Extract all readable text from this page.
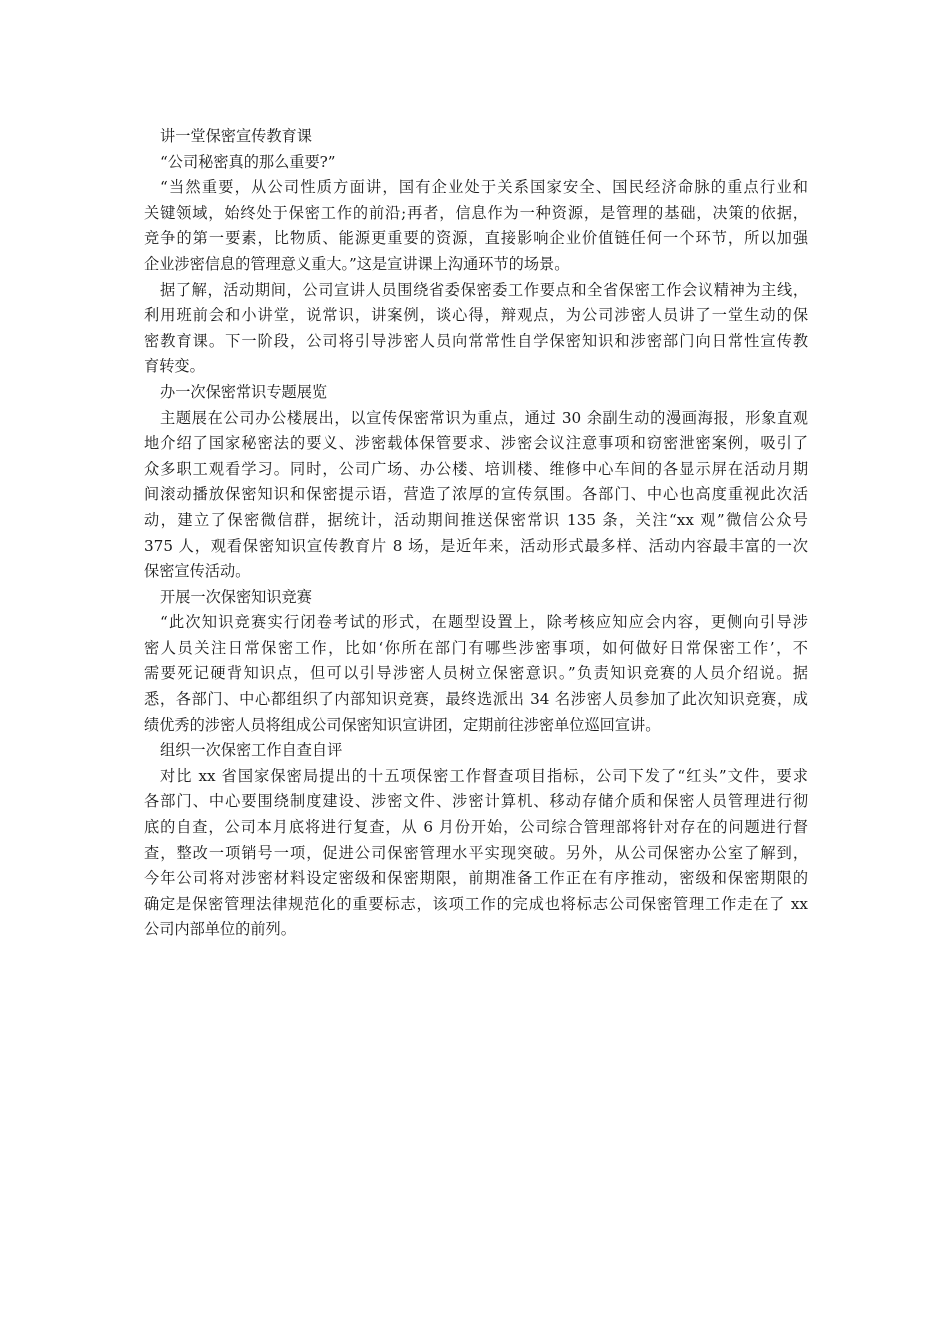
讲一堂保密宣传教育课
“公司秘密真的那么重要?”
“当然重要，从公司性质方面讲，国有企业处于关系国家安全、国民经济命脉的重点行业和
关键领域，始终处于保密工作的前沿;再者，信息作为一种资源，是管理的基础，决策的依据，
竞争的第一要素，比物质、能源更重要的资源，直接影响企业价值链任何一个环节，所以加强
企业涉密信息的管理意义重大。”这是宣讲课上沟通环节的场景。
据了解，活动期间，公司宣讲人员围绕省委保密委工作要点和全省保密工作会议精神为主线，
利用班前会和小讲堂，说常识，讲案例，谈心得，辩观点，为公司涉密人员讲了一堂生动的保
密教育课。下一阶段，公司将引导涉密人员向常常性自学保密知识和涉密部门向日常性宣传教
育转变。
办一次保密常识专题展览
主题展在公司办公楼展出，以宣传保密常识为重点，通过 30 余副生动的漫画海报，形象直观
地介绍了国家秘密法的要义、涉密载体保管要求、涉密会议注意事项和窃密泄密案例，吸引了
众多职工观看学习。同时，公司广场、办公楼、培训楼、维修中心车间的各显示屏在活动月期
间滚动播放保密知识和保密提示语，营造了浓厚的宣传氛围。各部门、中心也高度重视此次活
动，建立了保密微信群，据统计，活动期间推送保密常识 135 条，关注“xx 观”微信公众号
375 人，观看保密知识宣传教育片 8 场，是近年来，活动形式最多样、活动内容最丰富的一次
保密宣传活动。
开展一次保密知识竞赛
“此次知识竞赛实行闭卷考试的形式，在题型设置上，除考核应知应会内容，更侧向引导涉
密人员关注日常保密工作，比如‘你所在部门有哪些涉密事项，如何做好日常保密工作’，不
需要死记硬背知识点，但可以引导涉密人员树立保密意识。”负责知识竞赛的人员介绍说。据
悉，各部门、中心都组织了内部知识竞赛，最终选派出 34 名涉密人员参加了此次知识竞赛，成
绩优秀的涉密人员将组成公司保密知识宣讲团，定期前往涉密单位巡回宣讲。
组织一次保密工作自查自评
对比 xx 省国家保密局提出的十五项保密工作督查项目指标，公司下发了“红头”文件，要求
各部门、中心要围绕制度建设、涉密文件、涉密计算机、移动存储介质和保密人员管理进行彻
底的自查，公司本月底将进行复查，从 6 月份开始，公司综合管理部将针对存在的问题进行督
查，整改一项销号一项，促进公司保密管理水平实现突破。另外，从公司保密办公室了解到，
今年公司将对涉密材料设定密级和保密期限，前期准备工作正在有序推动，密级和保密期限的
确定是保密管理法律规范化的重要标志，该项工作的完成也将标志公司保密管理工作走在了 xx
公司内部单位的前列。
